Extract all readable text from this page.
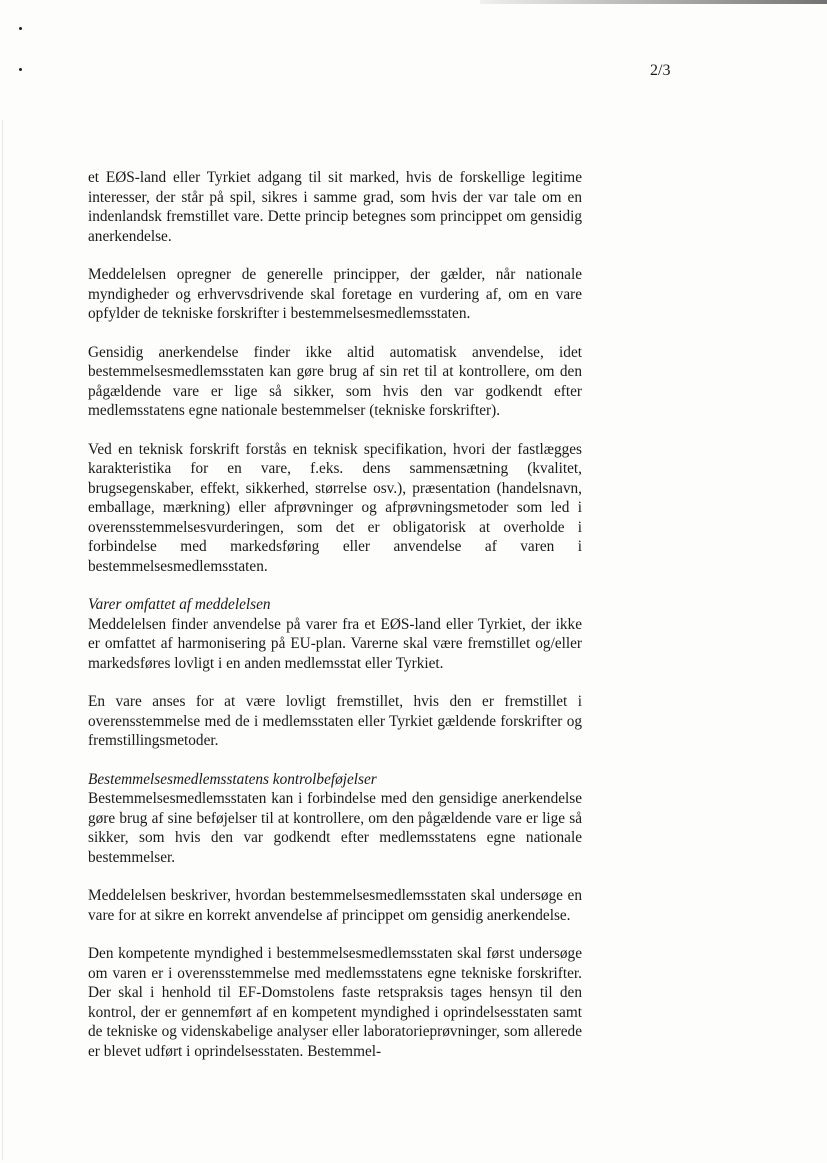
2/3

et EØS-land eller Tyrkiet adgang til sit marked, hvis de forskellige legitime interesser, der står på spil, sikres i samme grad, som hvis der var tale om en indenlandsk fremstillet vare. Dette princip betegnes som princippet om gensidig anerkendelse.

Meddelelsen opregner de generelle principper, der gælder, når nationale myndigheder og erhvervsdrivende skal foretage en vurdering af, om en vare opfylder de tekniske forskrifter i bestemmelsesmedlemsstaten.

Gensidig anerkendelse finder ikke altid automatisk anvendelse, idet bestemmelsesmedlemsstaten kan gøre brug af sin ret til at kontrollere, om den pågældende vare er lige så sikker, som hvis den var godkendt efter medlemsstatens egne nationale bestemmelser (tekniske forskrifter).

Ved en teknisk forskrift forstås en teknisk specifikation, hvori der fastlægges karakteristika for en vare, f.eks. dens sammensætning (kvalitet, brugsegenskaber, effekt, sikkerhed, størrelse osv.), præsentation (handelsnavn, emballage, mærkning) eller afprøvninger og afprøvningsmetoder som led i overensstemmelsesvurderingen, som det er obligatorisk at overholde i forbindelse med markedsføring eller anvendelse af varen i bestemmelsesmedlemsstaten.

Varer omfattet af meddelelsen

Meddelelsen finder anvendelse på varer fra et EØS-land eller Tyrkiet, der ikke er omfattet af harmonisering på EU-plan. Varerne skal være fremstillet og/eller markedsføres lovligt i en anden medlemsstat eller Tyrkiet.

En vare anses for at være lovligt fremstillet, hvis den er fremstillet i overensstemmelse med de i medlemsstaten eller Tyrkiet gældende forskrifter og fremstillingsmetoder.

Bestemmelsesmedlemsstatens kontrolbeføjelser

Bestemmelsesmedlemsstaten kan i forbindelse med den gensidige anerkendelse gøre brug af sine beføjelser til at kontrollere, om den pågældende vare er lige så sikker, som hvis den var godkendt efter medlemsstatens egne nationale bestemmelser.

Meddelelsen beskriver, hvordan bestemmelsesmedlemsstaten skal undersøge en vare for at sikre en korrekt anvendelse af princippet om gensidig anerkendelse.

Den kompetente myndighed i bestemmelsesmedlemsstaten skal først undersøge om varen er i overensstemmelse med medlemsstatens egne tekniske forskrifter. Der skal i henhold til EF-Domstolens faste retspraksis tages hensyn til den kontrol, der er gennemført af en kompetent myndighed i oprindelsesstaten samt de tekniske og videnskabelige analyser eller laboratorieprøvninger, som allerede er blevet udført i oprindelsesstaten. Bestemmel-
